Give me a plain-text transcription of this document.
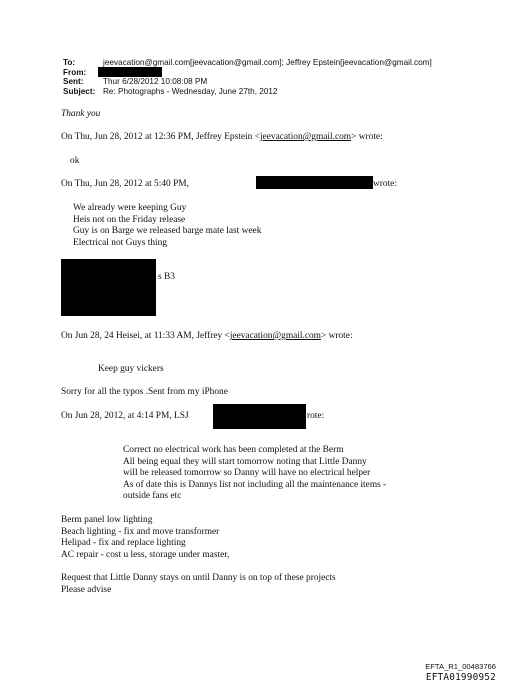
To:	jeevacation@gmail.com[jeevacation@gmail.com]; Jeffrey Epstein[jeevacation@gmail.com]
From:
Sent: Thur 6/28/2012 10:08:08 PM
Subject: Re: Photographs - Wednesday, June 27th, 2012
Thank you
On Thu, Jun 28, 2012 at 12:36 PM, Jeffrey Epstein <jeevacation@gmail.com> wrote:
ok
On Thu, Jun 28, 2012 at 5:40 PM,	wrote:
We already were keeping Guy
Heis not on the Friday release
Guy is on Barge we released barge mate last week
Electrical not Guys thing
s B3
On Jun 28, 24 Heisei, at 11:33 AM, Jeffrey <jeevacation@gmail.com> wrote:
Keep guy vickers
Sorry for all the typos .Sent from my iPhone
On Jun 28, 2012, at 4:14 PM, LSJ	rote:
Correct no electrical work has been completed at the Berm
All being equal they will start tomorrow noting that Little Danny
will be released tomorrow so Danny will have no electrical helper
As of date this is Dannys list not including all the maintenance items -
outside fans etc
Berm panel low lighting
Beach lighting - fix and move transformer
Helipad - fix and replace lighting
AC repair - cost u less, storage under master,
Request that Little Danny stays on until Danny is on top of these projects
Please advise
EFTA_R1_00483766
EFTA01990952
